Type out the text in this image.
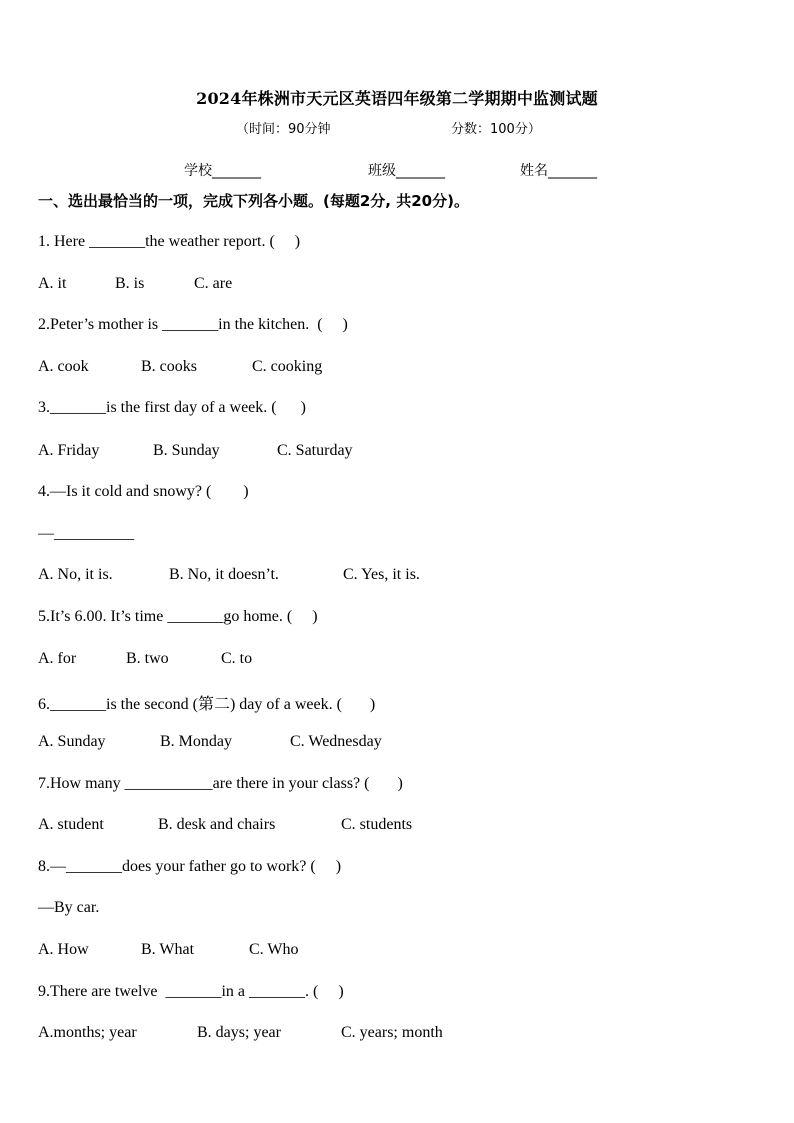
2024年株洲市天元区英语四年级第二学期期中监测试题
（时间：90分钟	分数：100分）
学校_______	班级_______	姓名_______
一、选出最恰当的一项，完成下列各小题。(每题2分, 共20分)。
1. Here _______the weather report. (     )
A. it	B. is	C. are
2.Peter’s mother is _______in the kitchen.  (     )
A. cook	B. cooks	C. cooking
3._______is the first day of a week. (      )
A. Friday	B. Sunday	C. Saturday
4.—Is it cold and snowy? (        )
—__________
A. No, it is.	B. No, it doesn’t.	C. Yes, it is.
5.It’s 6.00. It’s time _______go home. (     )
A. for	B. two	C. to
6._______is the second (第二) day of a week. (       )
A. Sunday	B. Monday	C. Wednesday
7.How many ___________are there in your class? (       )
A. student	B. desk and chairs	C. students
8.—_______does your father go to work? (     )
—By car.
A. How	B. What	C. Who
9.There are twelve  _______in a _______. (     )
A.months; year	B. days; year	C. years; month
